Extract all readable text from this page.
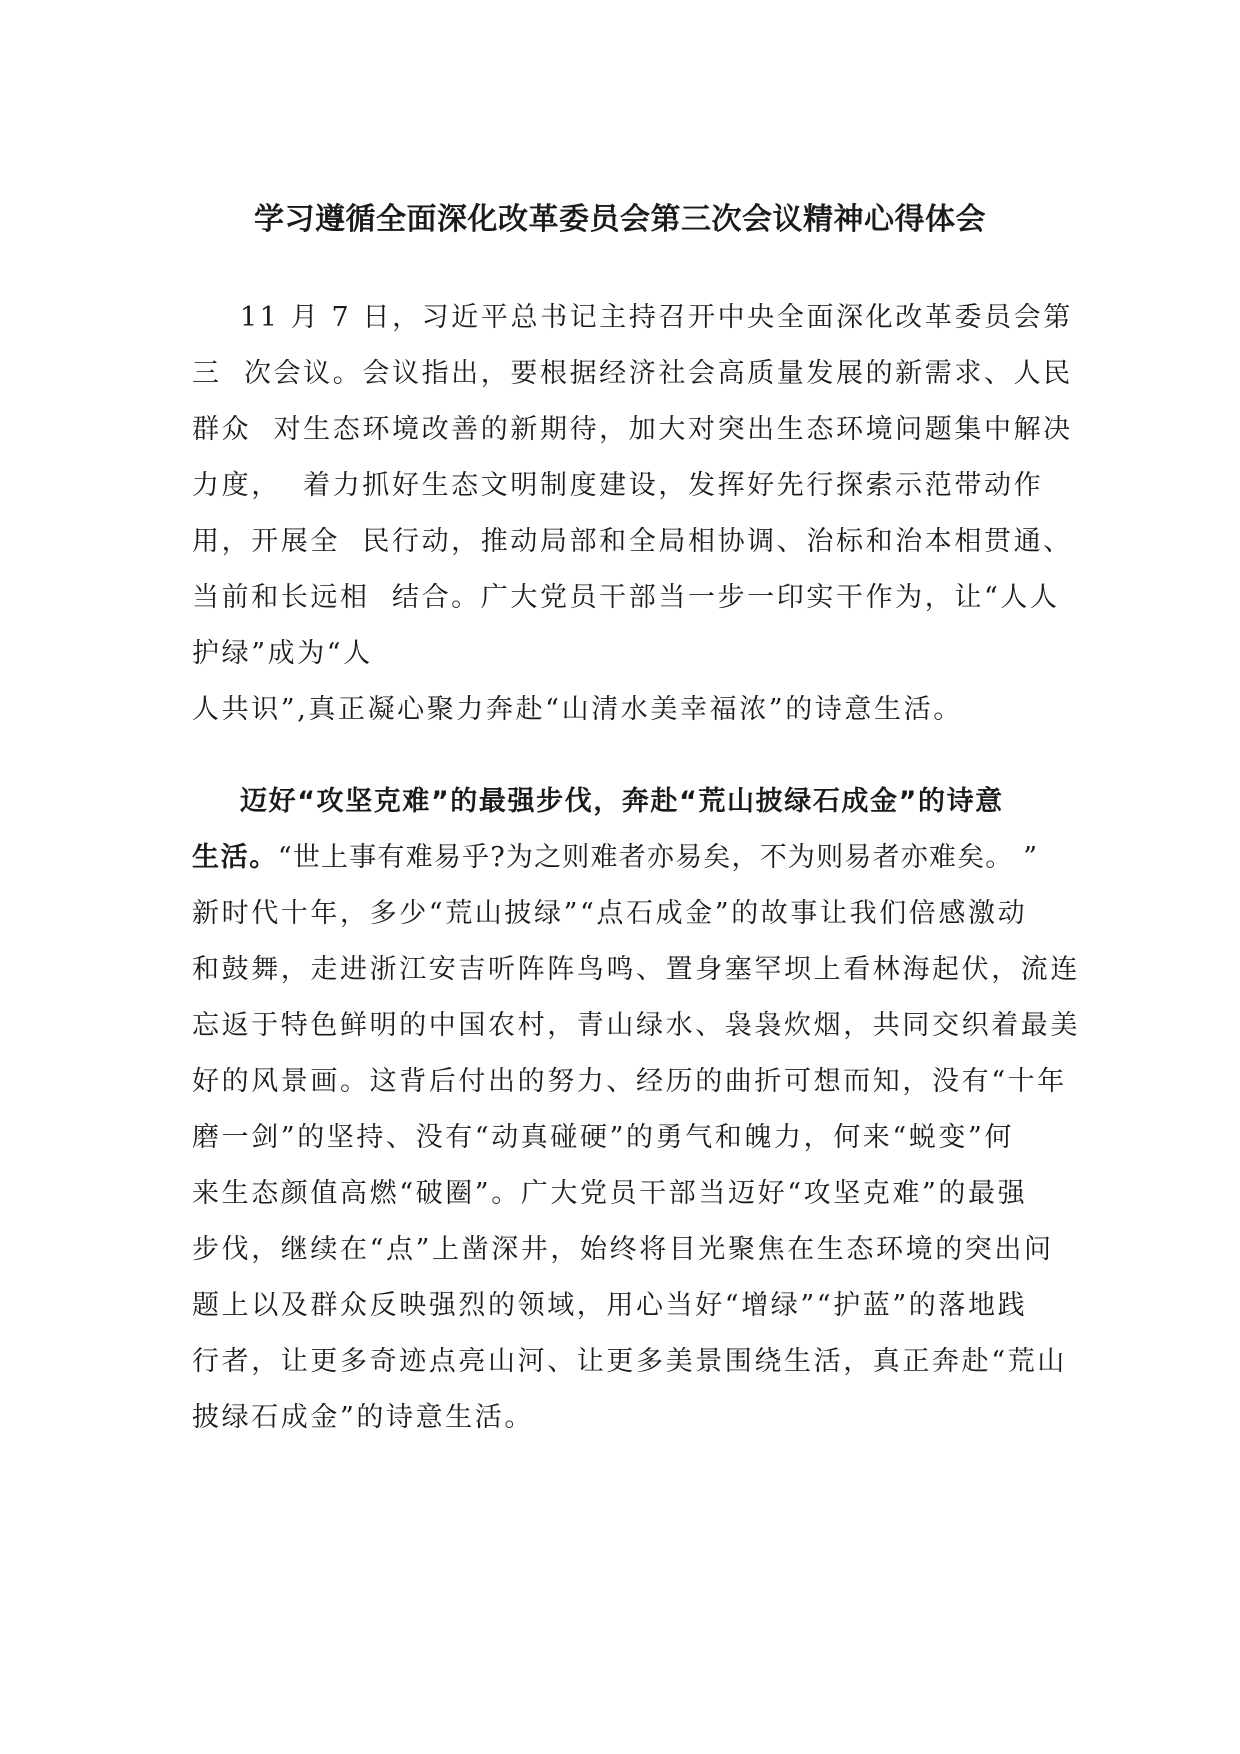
学习遵循全面深化改革委员会第三次会议精神心得体会

11 月 7 日，习近平总书记主持召开中央全面深化改革委员会第

三  次会议。会议指出，要根据经济社会高质量发展的新需求、人民

群众  对生态环境改善的新期待，加大对突出生态环境问题集中解决

力度，  着力抓好生态文明制度建设，发挥好先行探索示范带动作

用，开展全  民行动，推动局部和全局相协调、治标和治本相贯通、

当前和长远相  结合。广大党员干部当一步一印实干作为，让“人人

护绿”成为“人

人共识”,真正凝心聚力奔赴“山清水美幸福浓”的诗意生活。

迈好“攻坚克难”的最强步伐，奔赴“荒山披绿石成金”的诗意

生活。“世上事有难易乎?为之则难者亦易矣，不为则易者亦难矣。 ”

新时代十年，多少“荒山披绿”“点石成金”的故事让我们倍感激动

和鼓舞，走进浙江安吉听阵阵鸟鸣、置身塞罕坝上看林海起伏，流连

忘返于特色鲜明的中国农村，青山绿水、袅袅炊烟，共同交织着最美

好的风景画。这背后付出的努力、经历的曲折可想而知，没有“十年

磨一剑”的坚持、没有“动真碰硬”的勇气和魄力，何来“蜕变”何

来生态颜值高燃“破圈”。广大党员干部当迈好“攻坚克难”的最强

步伐，继续在“点”上凿深井，始终将目光聚焦在生态环境的突出问

题上以及群众反映强烈的领域，用心当好“增绿”“护蓝”的落地践

行者，让更多奇迹点亮山河、让更多美景围绕生活，真正奔赴“荒山

披绿石成金”的诗意生活。
